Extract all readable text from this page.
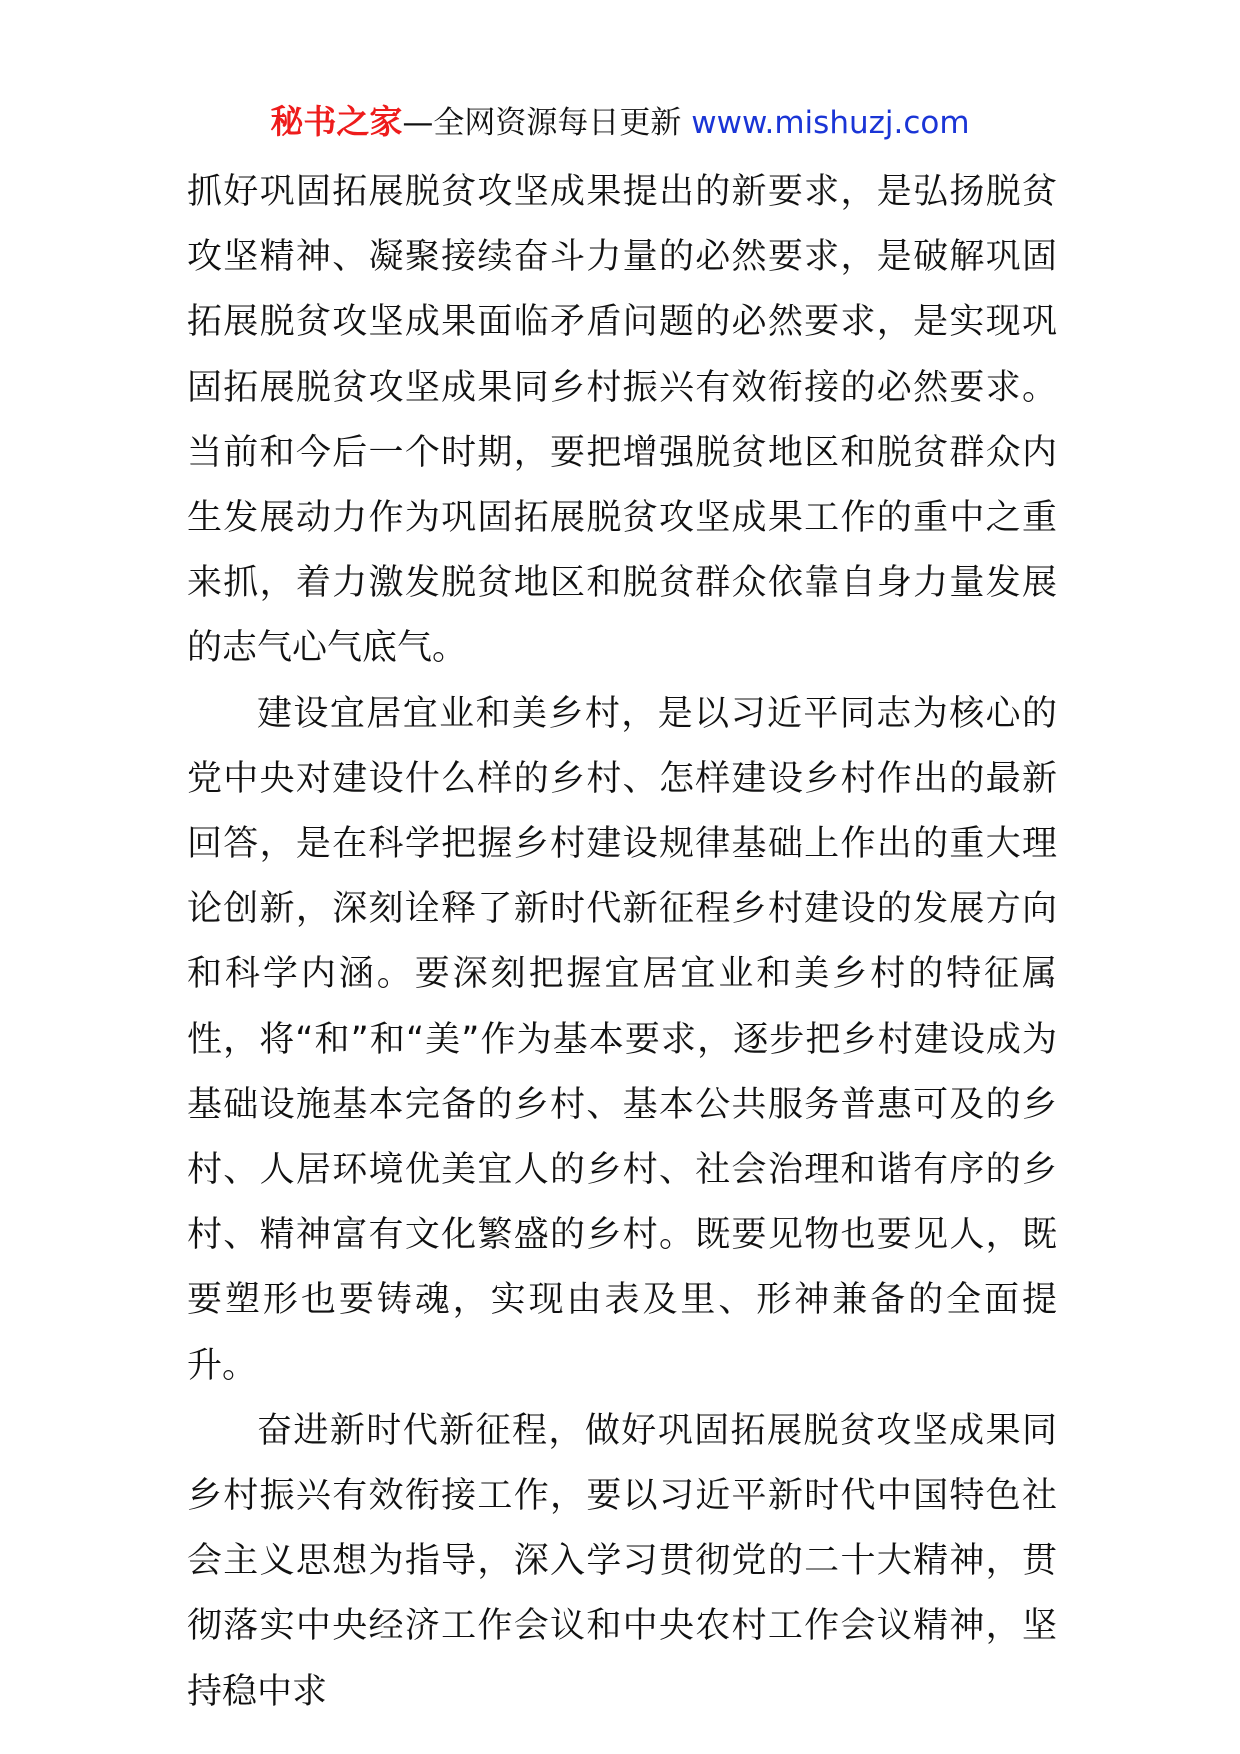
秘书之家—全网资源每日更新 www.mishuzj.com

抓好巩固拓展脱贫攻坚成果提出的新要求，是弘扬脱贫攻坚精神、凝聚接续奋斗力量的必然要求，是破解巩固拓展脱贫攻坚成果面临矛盾问题的必然要求，是实现巩固拓展脱贫攻坚成果同乡村振兴有效衔接的必然要求。当前和今后一个时期，要把增强脱贫地区和脱贫群众内生发展动力作为巩固拓展脱贫攻坚成果工作的重中之重来抓，着力激发脱贫地区和脱贫群众依靠自身力量发展的志气心气底气。

建设宜居宜业和美乡村，是以习近平同志为核心的党中央对建设什么样的乡村、怎样建设乡村作出的最新回答，是在科学把握乡村建设规律基础上作出的重大理论创新，深刻诠释了新时代新征程乡村建设的发展方向和科学内涵。要深刻把握宜居宜业和美乡村的特征属性，将“和”和“美”作为基本要求，逐步把乡村建设成为基础设施基本完备的乡村、基本公共服务普惠可及的乡村、人居环境优美宜人的乡村、社会治理和谐有序的乡村、精神富有文化繁盛的乡村。既要见物也要见人，既要塑形也要铸魂，实现由表及里、形神兼备的全面提升。

奋进新时代新征程，做好巩固拓展脱贫攻坚成果同乡村振兴有效衔接工作，要以习近平新时代中国特色社会主义思想为指导，深入学习贯彻党的二十大精神，贯彻落实中央经济工作会议和中央农村工作会议精神，坚持稳中求
